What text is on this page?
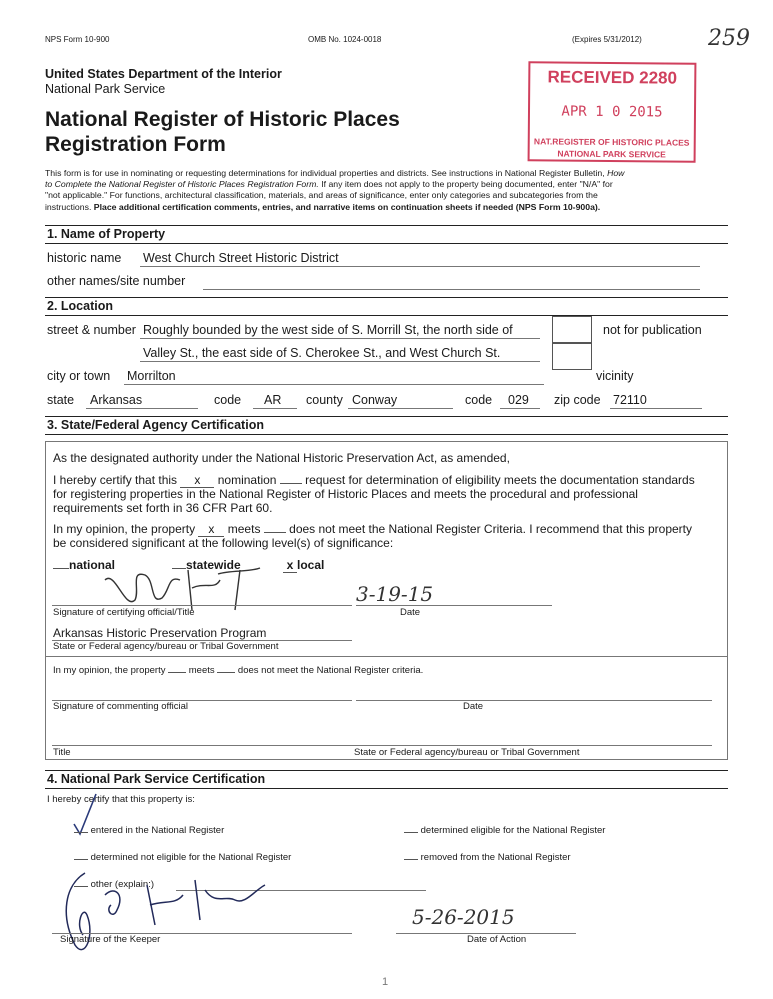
NPS Form 10-900	OMB No. 1024-0018	(Expires 5/31/2012)	259
United States Department of the Interior
National Park Service
National Register of Historic Places
Registration Form
RECEIVED 2280
APR 1 0 2015
NAT.REGISTER OF HISTORIC PLACES
NATIONAL PARK SERVICE
This form is for use in nominating or requesting determinations for individual properties and districts. See instructions in National Register Bulletin, How
to Complete the National Register of Historic Places Registration Form. If any item does not apply to the property being documented, enter "N/A" for
"not applicable." For functions, architectural classification, materials, and areas of significance, enter only categories and subcategories from the
instructions. Place additional certification comments, entries, and narrative items on continuation sheets if needed (NPS Form 10-900a).
1. Name of Property
historic name West Church Street Historic District
other names/site number
2. Location
street & number Roughly bounded by the west side of S. Morrill St, the north side of
Valley St., the east side of S. Cherokee St., and West Church St.
not for publication
city or town Morrilton	vicinity
state Arkansas	code AR county Conway	code 029 zip code 72110
3. State/Federal Agency Certification
As the designated authority under the National Historic Preservation Act, as amended,
I hereby certify that this x nomination request for determination of eligibility meets the documentation standards
for registering properties in the National Register of Historic Places and meets the procedural and professional
requirements set forth in 36 CFR Part 60.
In my opinion, the property x meets does not meet the National Register Criteria. I recommend that this property
be considered significant at the following level(s) of significance:
national	statewide	x local
Signature of certifying official/Title
3-19-15
Date
Arkansas Historic Preservation Program
State or Federal agency/bureau or Tribal Government
In my opinion, the property meets does not meet the National Register criteria.
Signature of commenting official	Date
Title	State or Federal agency/bureau or Tribal Government
4. National Park Service Certification
I hereby certify that this property is:
entered in the National Register	determined eligible for the National Register
determined not eligible for the National Register	removed from the National Register
other (explain:)
Signature of the Keeper
5-26-2015
Date of Action
1
